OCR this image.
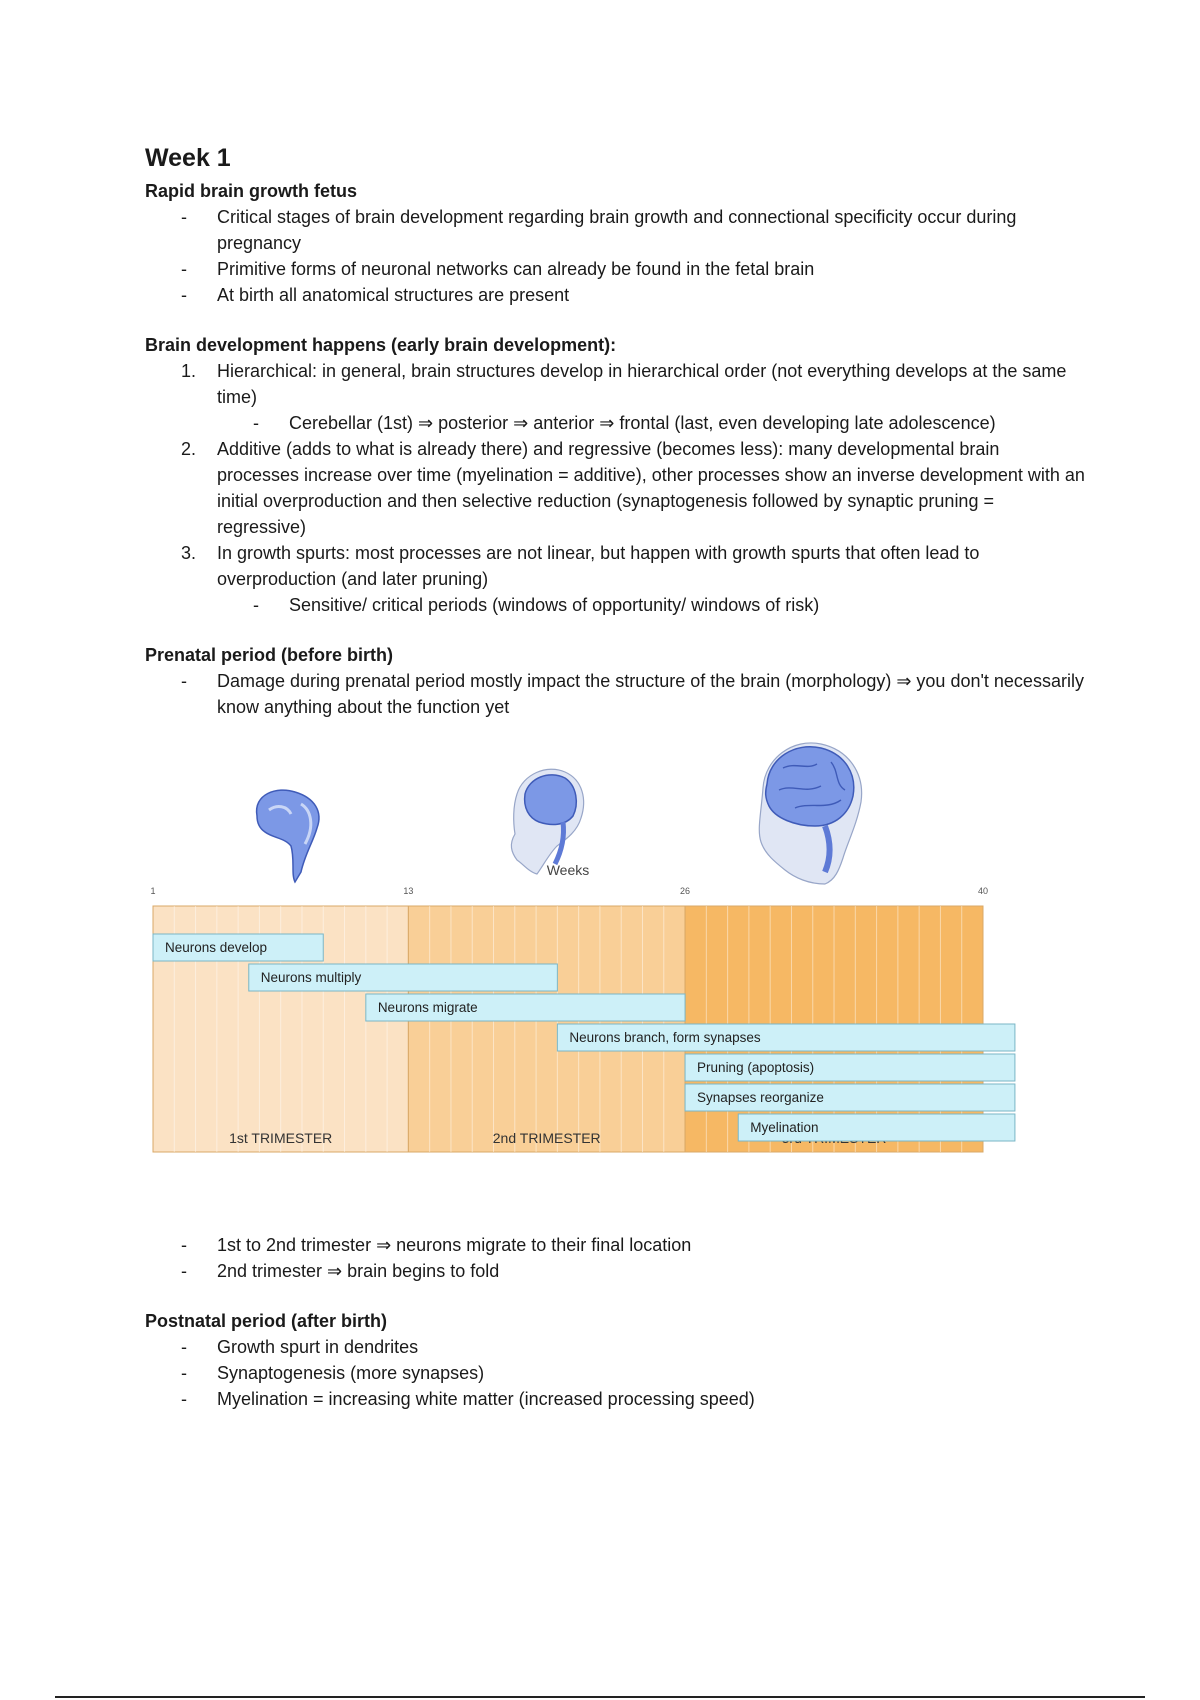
Week 1
Rapid brain growth fetus
- Critical stages of brain development regarding brain growth and connectional specificity occur during pregnancy
- Primitive forms of neuronal networks can already be found in the fetal brain
- At birth all anatomical structures are present
Brain development happens (early brain development):
1. Hierarchical: in general, brain structures develop in hierarchical order (not everything develops at the same time)
- Cerebellar (1st) ⇒ posterior ⇒ anterior ⇒ frontal (last, even developing late adolescence)
2. Additive (adds to what is already there) and regressive (becomes less): many developmental brain processes increase over time (myelination = additive), other processes show an inverse development with an initial overproduction and then selective reduction (synaptogenesis followed by synaptic pruning = regressive)
3. In growth spurts: most processes are not linear, but happen with growth spurts that often lead to overproduction (and later pruning)
- Sensitive/ critical periods (windows of opportunity/ windows of risk)
Prenatal period (before birth)
- Damage during prenatal period mostly impact the structure of the brain (morphology) ⇒ you don't necessarily know anything about the function yet
1st TRIMESTER	2nd TRIMESTER
Weeks
1	13	26	40
Neurons develop
Neurons multiply
Neurons migrate
Neurons branch, form synapses
Pruning (apoptosis)
Synapses reorganize
Myelination
- 1st to 2nd trimester ⇒ neurons migrate to their final location
- 2nd trimester ⇒ brain begins to fold
Postnatal period (after birth)
- Growth spurt in dendrites
- Synaptogenesis (more synapses)
- Myelination = increasing white matter (increased processing speed)
